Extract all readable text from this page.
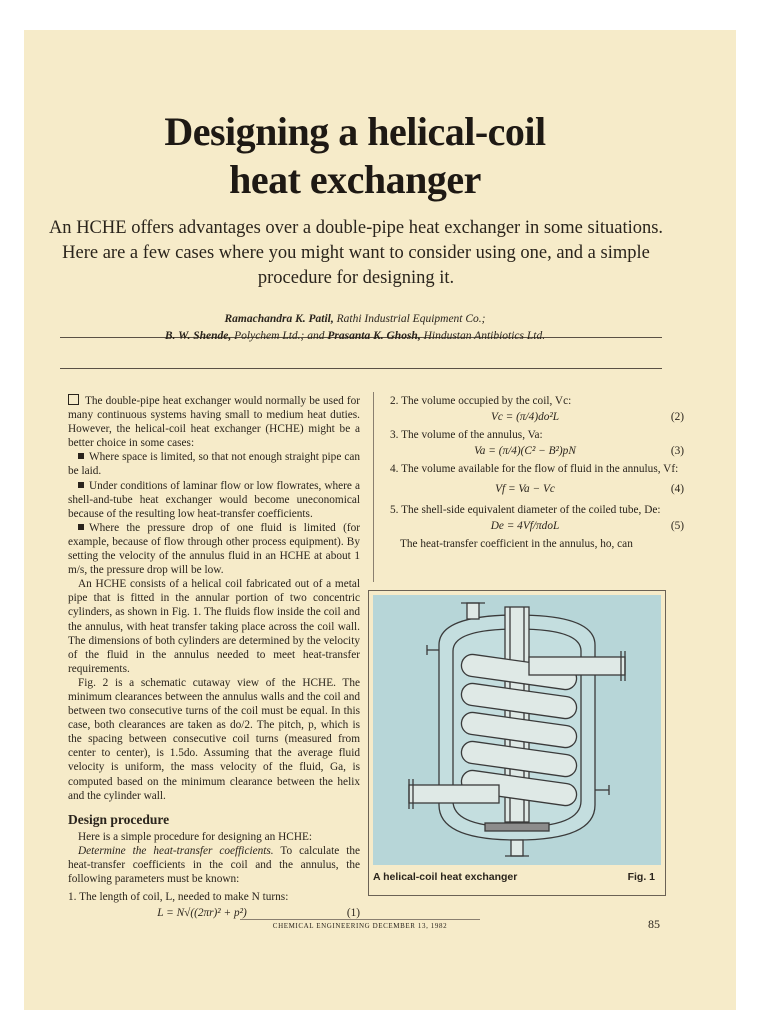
Designing a helical-coil
heat exchanger
An HCHE offers advantages over a double-pipe heat exchanger in some situations. Here are a few cases where you might want to consider using one, and a simple procedure for designing it.
Ramachandra K. Patil, Rathi Industrial Equipment Co.;
B. W. Shende, Polychem Ltd.; and Prasanta K. Ghosh, Hindustan Antibiotics Ltd.

The double-pipe heat exchanger would normally be used for many continuous systems having small to medium heat duties. However, the helical-coil heat exchanger (HCHE) might be a better choice in some cases:

Where space is limited, so that not enough straight pipe can be laid.

Under conditions of laminar flow or low flowrates, where a shell-and-tube heat exchanger would become uneconomical because of the resulting low heat-transfer coefficients.

Where the pressure drop of one fluid is limited (for example, because of flow through other process equipment). By setting the velocity of the annulus fluid in an HCHE at about 1 m/s, the pressure drop will be low.

An HCHE consists of a helical coil fabricated out of a metal pipe that is fitted in the annular portion of two concentric cylinders, as shown in Fig. 1. The fluids flow inside the coil and the annulus, with heat transfer taking place across the coil wall. The dimensions of both cylinders are determined by the velocity of the fluid in the annulus needed to meet heat-transfer requirements.

Fig. 2 is a schematic cutaway view of the HCHE. The minimum clearances between the annulus walls and the coil and between two consecutive turns of the coil must be equal. In this case, both clearances are taken as do/2. The pitch, p, which is the spacing between consecutive coil turns (measured from center to center), is 1.5do. Assuming that the average fluid velocity is uniform, the mass velocity of the fluid, Ga, is computed based on the minimum clearance between the helix and the cylinder wall.

Design procedure

Here is a simple procedure for designing an HCHE:

Determine the heat-transfer coefficients. To calculate the heat-transfer coefficients in the coil and the annulus, the following parameters must be known:

1. The length of coil, L, needed to make N turns:

L = N√((2πr)² + p²)	(1)

2. The volume occupied by the coil, Vc:

Vc = (π/4)do²L	(2)

3. The volume of the annulus, Va:

Va = (π/4)(C² − B²)pN	(3)

4. The volume available for the flow of fluid in the annulus, Vf:

Vf = Va − Vc	(4)

5. The shell-side equivalent diameter of the coiled tube, De:

De = 4Vf/πdoL	(5)

The heat-transfer coefficient in the annulus, ho, can

A helical-coil heat exchanger	Fig. 1
CHEMICAL ENGINEERING DECEMBER 13, 1982	85
